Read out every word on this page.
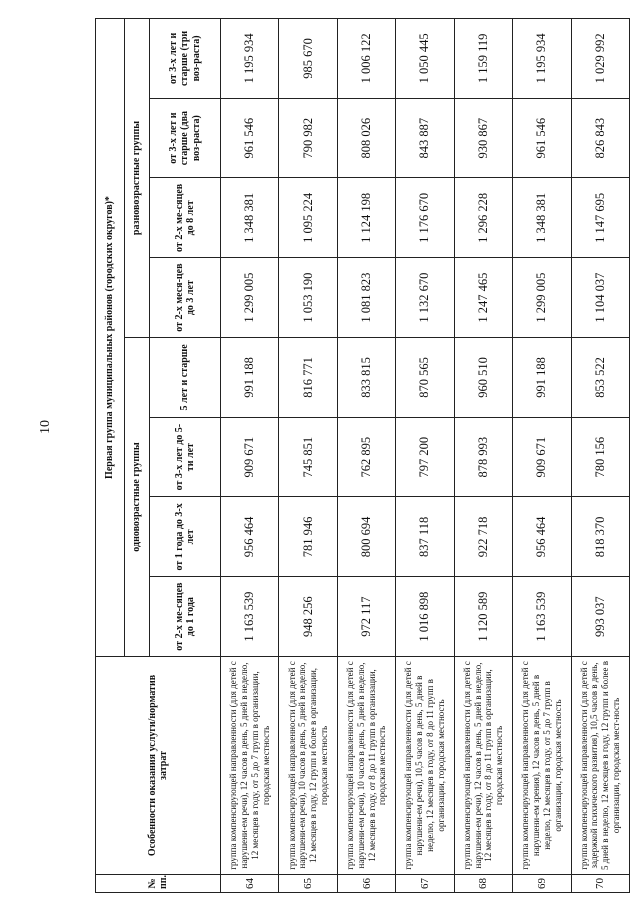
10
№ пп.	Особенности оказания услуги/норматив затрат	Первая группа муниципальных районов (городских округов)*							
		одновозрастные группы				разновозрастные группы			
		от 2-х ме-сяцев до 1 года	от 1 года до 3-х лет	от 3-х лет до 5-ти лет	5 лет и старше	от 2-х меся-цев до 3 лет	от 2-х ме-сяцев до 8 лет	от 3-х лет и старше (два воз-раста)	от 3-х лет и старше (три воз-раста)
64	группа компенсирующей направленности (для детей с нарушени-ем речи), 12 часов в день, 5 дней в неделю, 12 месяцев в году, от 5 до 7 групп в организации, городская местность	1 163 539	956 464	909 671	991 188	1 299 005	1 348 381	961 546	1 195 934
65	группа компенсирующей направленности (для детей с нарушени-ем речи), 10 часов в день, 5 дней в неделю, 12 месяцев в году, 12 групп и более в организации, городская местность	948 256	781 946	745 851	816 771	1 053 190	1 095 224	790 982	985 670
66	группа компенсирующей направленности (для детей с нарушени-ем речи), 10 часов в день, 5 дней в неделю, 12 месяцев в году, от 8 до 11 групп в организации, городская местность	972 117	800 694	762 895	833 815	1 081 823	1 124 198	808 026	1 006 122
67	группа компенсирующей направленности (для детей с нарушени-ем речи), 10,5 часов в день, 5 дней в неделю, 12 месяцев в году, от 8 до 11 групп в организации, городская местность	1 016 898	837 118	797 200	870 565	1 132 670	1 176 670	843 887	1 050 445
68	группа компенсирующей направленности (для детей с нарушени-ем речи), 12 часов в день, 5 дней в неделю, 12 месяцев в году, от 8 до 11 групп в организации, городская местность	1 120 589	922 718	878 993	960 510	1 247 465	1 296 228	930 867	1 159 119
69	группа компенсирующей направленности (для детей с нарушени-ем зрения), 12 часов в день, 5 дней в неделю, 12 месяцев в году, от 5 до 7 групп в организации, городская местность	1 163 539	956 464	909 671	991 188	1 299 005	1 348 381	961 546	1 195 934
70	группа компенсирующей направленности (для детей с задержкой психического развития), 10,5 часов в день, 5 дней в неделю, 12 месяцев в году, 12 групп и более в организации, городская мест-ность	993 037	818 370	780 156	853 522	1 104 037	1 147 695	826 843	1 029 992
